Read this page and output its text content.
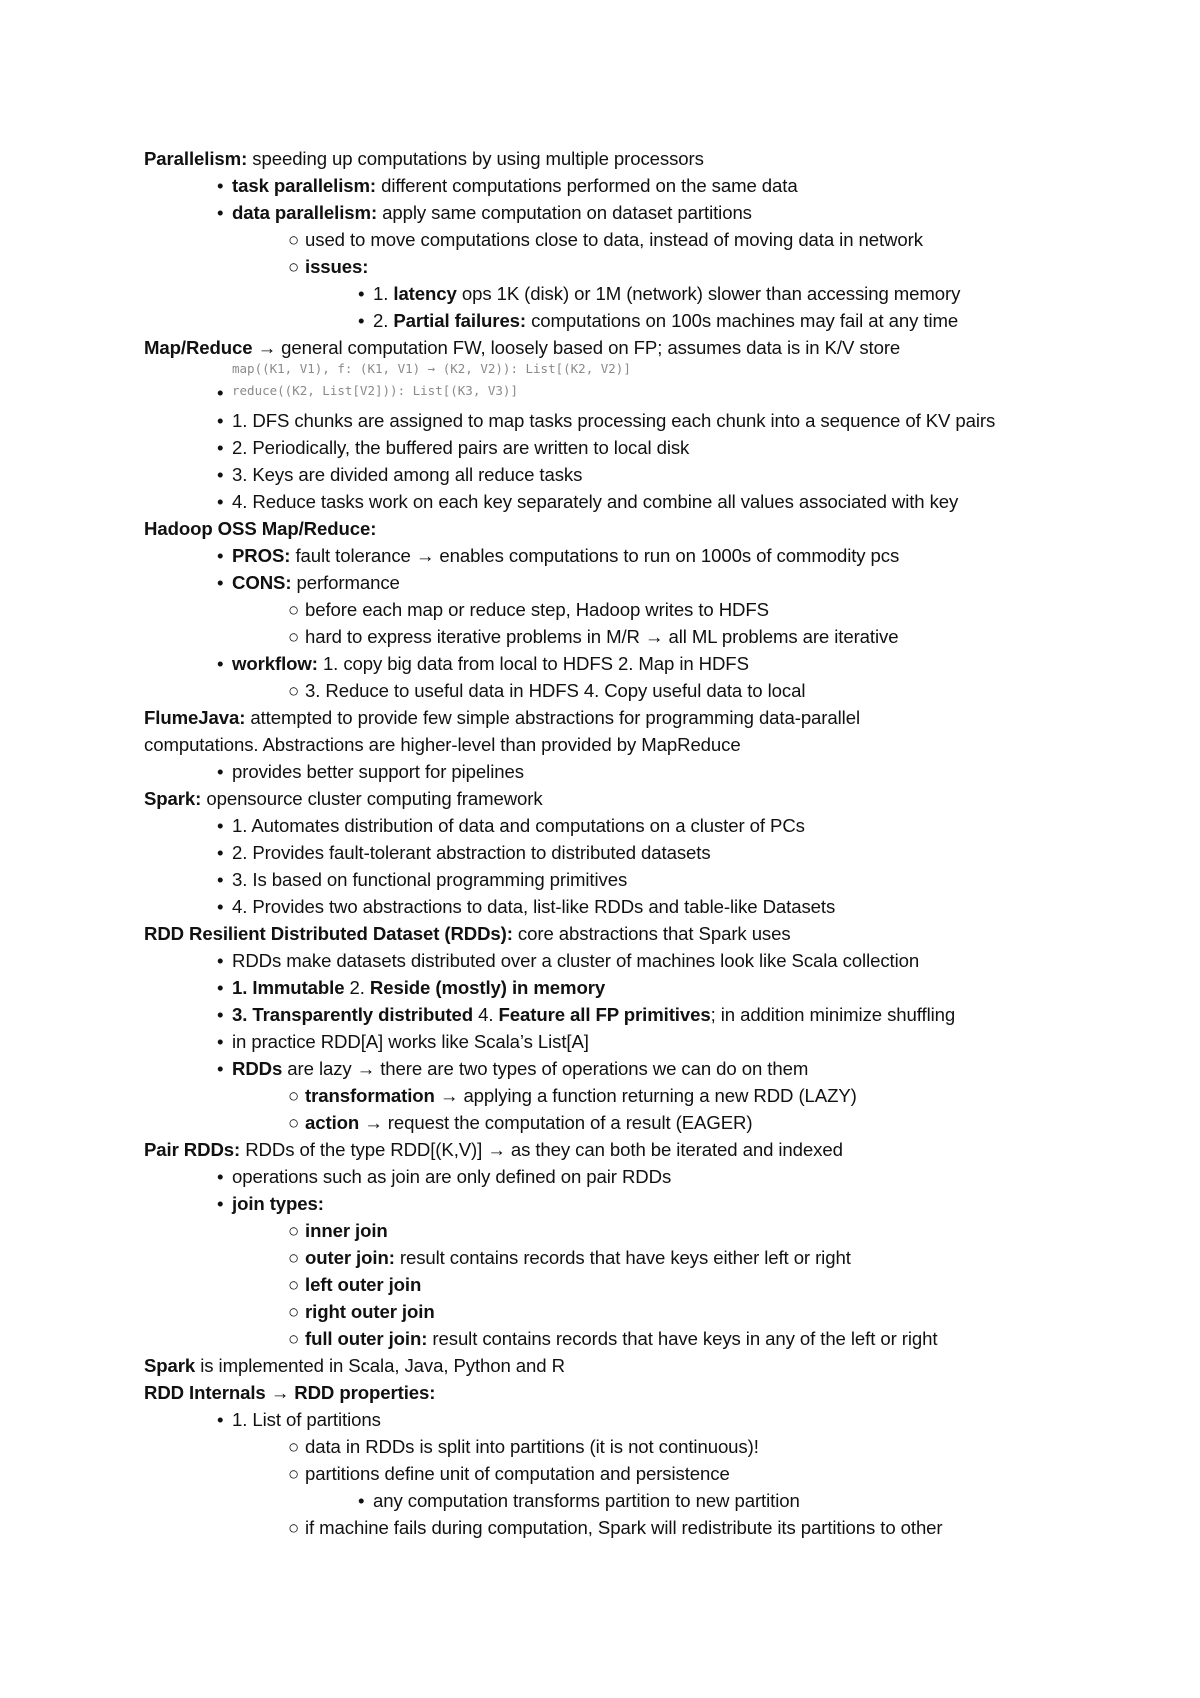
Parallelism: speeding up computations by using multiple processors
• task parallelism: different computations performed on the same data
• data parallelism: apply same computation on dataset partitions
○ used to move computations close to data, instead of moving data in network
○ issues:
• 1. latency ops 1K (disk) or 1M (network) slower than accessing memory
• 2. Partial failures: computations on 100s machines may fail at any time
Map/Reduce → general computation FW, loosely based on FP; assumes data is in K/V store
map((K1, V1), f: (K1, V1) → (K2, V2)): List[(K2, V2)]
• reduce((K2, List[V2])): List[(K3, V3)]
• 1. DFS chunks are assigned to map tasks processing each chunk into a sequence of KV pairs
• 2. Periodically, the buffered pairs are written to local disk
• 3. Keys are divided among all reduce tasks
• 4. Reduce tasks work on each key separately and combine all values associated with key
Hadoop OSS Map/Reduce:
• PROS: fault tolerance → enables computations to run on 1000s of commodity pcs
• CONS: performance
○ before each map or reduce step, Hadoop writes to HDFS
○ hard to express iterative problems in M/R → all ML problems are iterative
• workflow: 1. copy big data from local to HDFS 2. Map in HDFS
○ 3. Reduce to useful data in HDFS 4. Copy useful data to local
FlumeJava: attempted to provide few simple abstractions for programming data-parallel
computations. Abstractions are higher-level than provided by MapReduce
• provides better support for pipelines
Spark: opensource cluster computing framework
• 1. Automates distribution of data and computations on a cluster of PCs
• 2. Provides fault-tolerant abstraction to distributed datasets
• 3. Is based on functional programming primitives
• 4. Provides two abstractions to data, list-like RDDs and table-like Datasets
RDD Resilient Distributed Dataset (RDDs): core abstractions that Spark uses
• RDDs make datasets distributed over a cluster of machines look like Scala collection
• 1. Immutable 2. Reside (mostly) in memory
• 3. Transparently distributed 4. Feature all FP primitives; in addition minimize shuffling
• in practice RDD[A] works like Scala’s List[A]
• RDDs are lazy → there are two types of operations we can do on them
○ transformation → applying a function returning a new RDD (LAZY)
○ action → request the computation of a result (EAGER)
Pair RDDs: RDDs of the type RDD[(K,V)] → as they can both be iterated and indexed
• operations such as join are only defined on pair RDDs
• join types:
○ inner join
○ outer join: result contains records that have keys either left or right
○ left outer join
○ right outer join
○ full outer join: result contains records that have keys in any of the left or right
Spark is implemented in Scala, Java, Python and R
RDD Internals → RDD properties:
• 1. List of partitions
○ data in RDDs is split into partitions (it is not continuous)!
○ partitions define unit of computation and persistence
• any computation transforms partition to new partition
○ if machine fails during computation, Spark will redistribute its partitions to other
